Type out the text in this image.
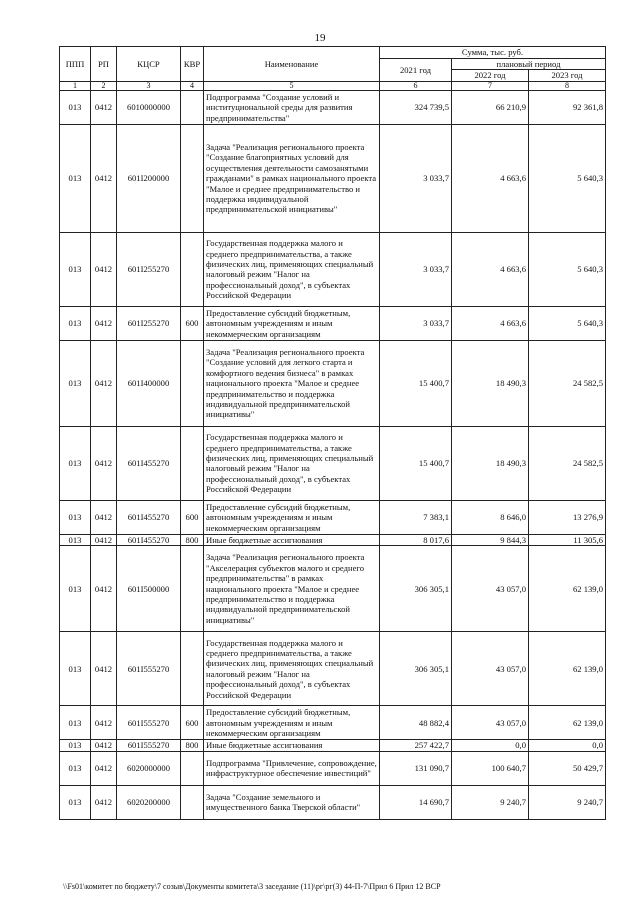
19
ППП	РП	КЦСР	КВР	Наименование	Сумма, тыс. руб.		
					2021 год	плановый период	
						2022 год	2023 год
1	2	3	4	5	6	7	8
013	0412	6010000000		Подпрограмма "Создание условий и институциональной среды для развития предпринимательства"	324 739,5	66 210,9	92 361,8
013	0412	601I200000		Задача "Реализация регионального проекта "Создание благоприятных условий для осуществления деятельности самозанятыми гражданами" в рамках национального проекта "Малое и среднее предпринимательство и поддержка индивидуальной предпринимательской инициативы"	3 033,7	4 663,6	5 640,3
013	0412	601I255270		Государственная поддержка малого и среднего предпринимательства, а также физических лиц, применяющих специальный налоговый режим "Налог на профессиональный доход", в субъектах Российской Федерации	3 033,7	4 663,6	5 640,3
013	0412	601I255270	600	Предоставление субсидий бюджетным, автономным учреждениям и иным некоммерческим организациям	3 033,7	4 663,6	5 640,3
013	0412	601I400000		Задача "Реализация регионального проекта "Создание условий для легкого старта и комфортного ведения бизнеса" в рамках национального проекта "Малое и среднее предпринимательство и поддержка индивидуальной предпринимательской инициативы"	15 400,7	18 490,3	24 582,5
013	0412	601I455270		Государственная поддержка малого и среднего предпринимательства, а также физических лиц, применяющих специальный налоговый режим "Налог на профессиональный доход", в субъектах Российской Федерации	15 400,7	18 490,3	24 582,5
013	0412	601I455270	600	Предоставление субсидий бюджетным, автономным учреждениям и иным некоммерческим организациям	7 383,1	8 646,0	13 276,9
013	0412	601I455270	800	Иные бюджетные ассигнования	8 017,6	9 844,3	11 305,6
013	0412	601I500000		Задача "Реализация регионального проекта "Акселерация субъектов малого и среднего предпринимательства" в рамках национального проекта "Малое и среднее предпринимательство и поддержка индивидуальной предпринимательской инициативы"	306 305,1	43 057,0	62 139,0
013	0412	601I555270		Государственная поддержка малого и среднего предпринимательства, а также физических лиц, применяющих специальный налоговый режим "Налог на профессиональный доход", в субъектах Российской Федерации	306 305,1	43 057,0	62 139,0
013	0412	601I555270	600	Предоставление субсидий бюджетным, автономным учреждениям и иным некоммерческим организациям	48 882,4	43 057,0	62 139,0
013	0412	601I555270	800	Иные бюджетные ассигнования	257 422,7	0,0	0,0
013	0412	6020000000		Подпрограмма "Привлечение, сопровождение, инфраструктурное обеспечение инвестиций"	131 090,7	100 640,7	50 429,7
013	0412	6020200000		Задача "Создание земельного и имущественного банка Тверской области"	14 690,7	9 240,7	9 240,7
\\Fs01\комитет по бюджету\7 созыв\Документы комитета\3 заседание (11)\рг\рг(3) 44-П-7\Прил 6 Прил 12 ВСР
